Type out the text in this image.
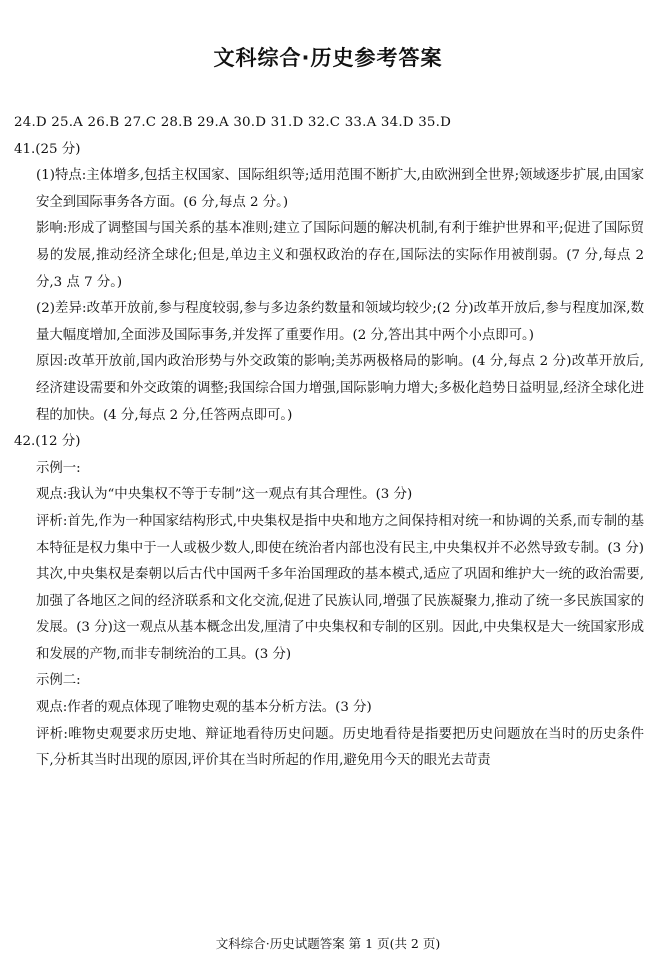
文科综合·历史参考答案
24.D 25.A 26.B 27.C 28.B 29.A 30.D 31.D 32.C 33.A 34.D 35.D
41.(25 分)

(1)特点:主体增多,包括主权国家、国际组织等;适用范围不断扩大,由欧洲到全世界;领域逐步扩展,由国家安全到国际事务各方面。(6 分,每点 2 分。)

影响:形成了调整国与国关系的基本准则;建立了国际问题的解决机制,有利于维护世界和平;促进了国际贸易的发展,推动经济全球化;但是,单边主义和强权政治的存在,国际法的实际作用被削弱。(7 分,每点 2 分,3 点 7 分。)

(2)差异:改革开放前,参与程度较弱,参与多边条约数量和领域均较少;(2 分)改革开放后,参与程度加深,数量大幅度增加,全面涉及国际事务,并发挥了重要作用。(2 分,答出其中两个小点即可。)

原因:改革开放前,国内政治形势与外交政策的影响;美苏两极格局的影响。(4 分,每点 2 分)改革开放后,经济建设需要和外交政策的调整;我国综合国力增强,国际影响力增大;多极化趋势日益明显,经济全球化进程的加快。(4 分,每点 2 分,任答两点即可。)

42.(12 分)

示例一:

观点:我认为“中央集权不等于专制”这一观点有其合理性。(3 分)

评析:首先,作为一种国家结构形式,中央集权是指中央和地方之间保持相对统一和协调的关系,而专制的基本特征是权力集中于一人或极少数人,即使在统治者内部也没有民主,中央集权并不必然导致专制。(3 分)其次,中央集权是秦朝以后古代中国两千多年治国理政的基本模式,适应了巩固和维护大一统的政治需要,加强了各地区之间的经济联系和文化交流,促进了民族认同,增强了民族凝聚力,推动了统一多民族国家的发展。(3 分)这一观点从基本概念出发,厘清了中央集权和专制的区别。因此,中央集权是大一统国家形成和发展的产物,而非专制统治的工具。(3 分)

示例二:

观点:作者的观点体现了唯物史观的基本分析方法。(3 分)

评析:唯物史观要求历史地、辩证地看待历史问题。历史地看待是指要把历史问题放在当时的历史条件下,分析其当时出现的原因,评价其在当时所起的作用,避免用今天的眼光去苛责

文科综合·历史试题答案 第 1 页(共 2 页)
